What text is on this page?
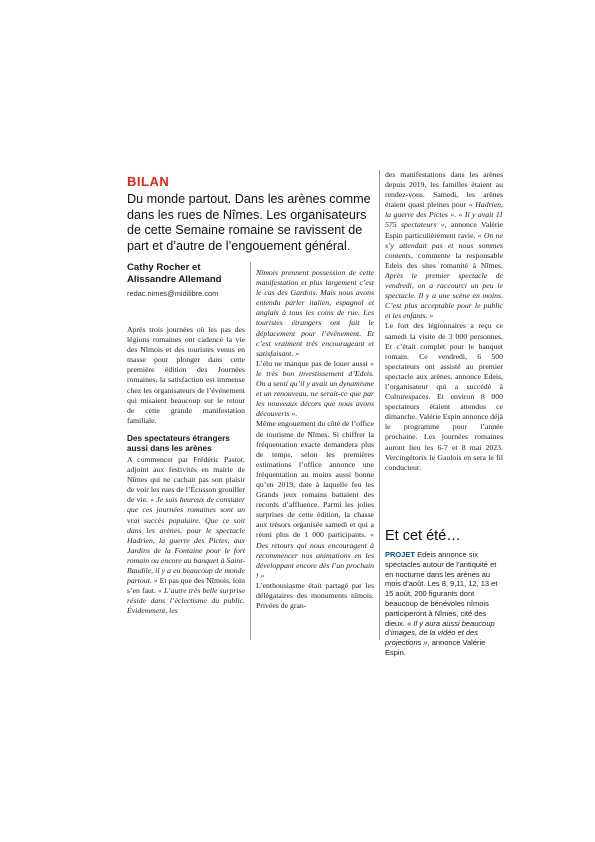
BILAN
Du monde partout. Dans les arènes comme dans les rues de Nîmes. Les organisateurs de cette Semaine romaine se ravissent de part et d’autre de l’engouement général.
Cathy Rocher et Alissandre Allemand
redac.nimes@midilibre.com

Après trois journées où les pas des légions romaines ont cadencé la vie des Nîmois et des touristes venus en masse pour plonger dans cette première édition des Journées romaines, la satisfaction est immense chez les organisateurs de l’événement qui misaient beaucoup sur le retour de cette grande manifestation familiale.

Des spectateurs étrangers aussi dans les arènes

A commencer par Frédéric Pastor, adjoint aux festivités en mairie de Nîmes qui ne cachait pas son plaisir de voir les rues de l’Écusson grouiller de vie. « Je suis heureux de constater que ces journées romaines sont un vrai succès populaire. Que ce soit dans les arènes, pour le spectacle Hadrien, la guerre des Pictes, aux Jardins de la Fontaine pour le fort romain ou encore au banquet à Saint-Baudile, il y a eu beaucoup de monde partout. » Et pas que des Nîmois, loin s’en faut. « L’autre très belle surprise réside dans l’éclectisme du public. Évidemment, les

Nîmois prennent possession de cette manifestation et plus largement c’est le cas des Gardois. Mais nous avons entendu parler italien, espagnol et anglais à tous les coins de rue. Les touristes étrangers ont fait le déplacement pour l’événement. Et c’est vraiment très encourageant et satisfaisant. »

L’élu ne manque pas de louer aussi « le très bon investissement d’Edeis. On a senti qu’il y avait un dynamisme et un renouveau, ne serait-ce que par les nouveaux décors que nous avons découverts ».

Même engouement du côté de l’office de tourisme de Nîmes. Si chiffrer la fréquentation exacte demandera plus de temps, selon les premières estimations l’office annonce une fréquentation au moins aussi bonne qu’en 2019, date à laquelle feu les Grands jeux romains battaient des records d’affluence. Parmi les jolies surprises de cette édition, la chasse aux trésors organisée samedi et qui a réuni plus de 1 000 participants. « Des retours qui nous encouragent à recommencer nos animations en les développant encore dès l’an prochain ! »

L’enthousiasme était partagé par les délégataires des monuments nîmois. Privées de gran-

des manifestations dans les arènes depuis 2019, les familles étaient au rendez-vous. Samedi, les arènes étaient quasi pleines pour « Hadrien, la guerre des Pictes ». « Il y avait 11 575 spectateurs », annonce Valérie Espin particulièrement ravie. « On ne s’y attendait pas et nous sommes contents, commente la responsable Edeis des sites romanité à Nîmes. Après le premier spectacle de vendredi, on a raccourci un peu le spectacle. Il y a une scène en moins. C’est plus acceptable pour le public et les enfants. »

Le fort des légionnaires a reçu ce samedi la visite de 3 000 personnes. Et c’était complet pour le banquet romain. Ce vendredi, 6 500 spectateurs ont assisté au premier spectacle aux arènes, annonce Edeis, l’organisateur qui a succédé à Culturespaces. Et environ 8 000 spectateurs étaient attendus ce dimanche. Valérie Espin annonce déjà le programme pour l’année prochaine. Les journées romaines auront lieu les 6-7 et 8 mai 2023. Vercingétorix le Gaulois en sera le fil conducteur.

Et cet été…
PROJET Edeis annonce six spectacles autour de l’antiquité et en nocturne dans les arènes au mois d’août. Les 8, 9,11, 12, 13 et 15 août, 200 figurants dont beaucoup de bénévoles nîmois participeront à Nîmes, cité des dieux. « Il y aura aussi beaucoup d’images, de la vidéo et des projections », annonce Valérie Espin.
